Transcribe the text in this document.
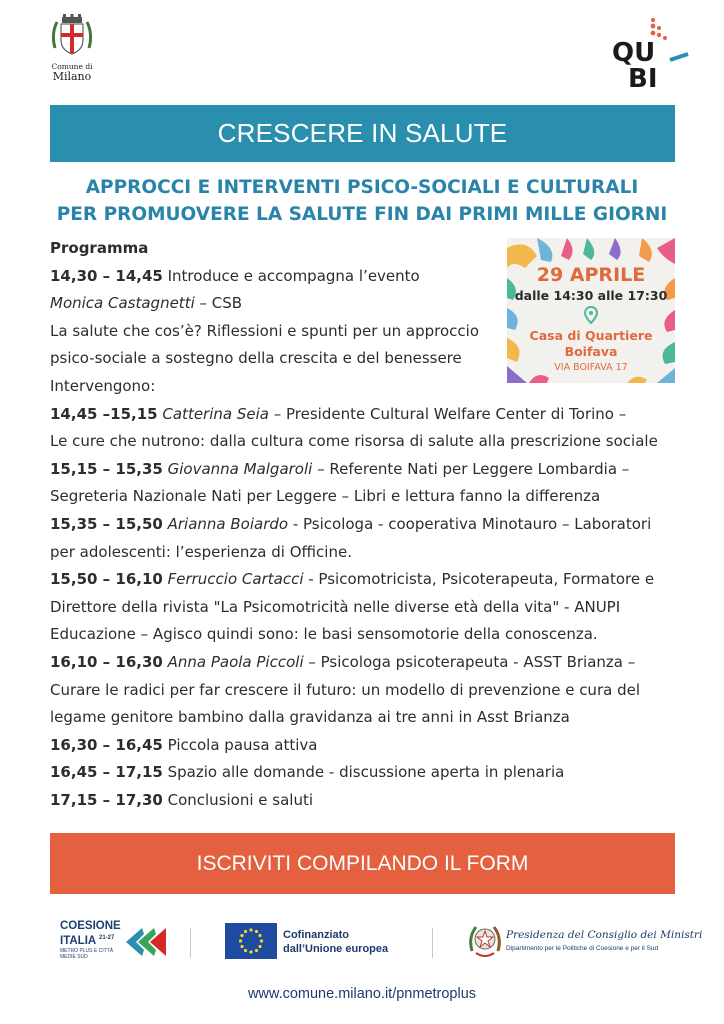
Comune di
Milano
QU
BI
CRESCERE IN SALUTE
APPROCCI E INTERVENTI PSICO-SOCIALI E CULTURALI
PER PROMUOVERE LA SALUTE FIN DAI PRIMI MILLE GIORNI
29 APRILE
dalle 14:30 alle 17:30
Casa di Quartiere
Boifava
VIA BOIFAVA 17
Programma
14,30 – 14,45 Introduce e accompagna l’evento
Monica Castagnetti – CSB
La salute che cos’è? Riflessioni e spunti per un approccio
psico-sociale a sostegno della crescita e del benessere
Intervengono:
14,45 –15,15 Catterina Seia – Presidente Cultural Welfare Center di Torino –
Le cure che nutrono: dalla cultura come risorsa di salute alla prescrizione sociale
15,15 – 15,35 Giovanna Malgaroli – Referente Nati per Leggere Lombardia –
Segreteria Nazionale Nati per Leggere – Libri e lettura fanno la differenza
15,35 – 15,50 Arianna Boiardo - Psicologa - cooperativa Minotauro – Laboratori
per adolescenti: l’esperienza di Officine.
15,50 – 16,10 Ferruccio Cartacci - Psicomotricista, Psicoterapeuta, Formatore e
Direttore della rivista "La Psicomotricità nelle diverse età della vita" - ANUPI
Educazione – Agisco quindi sono: le basi sensomotorie della conoscenza.
16,10 – 16,30 Anna Paola Piccoli – Psicologa psicoterapeuta - ASST Brianza –
Curare le radici per far crescere il futuro: un modello di prevenzione e cura del
legame genitore bambino dalla gravidanza ai tre anni in Asst Brianza
16,30 – 16,45 Piccola pausa attiva
16,45 – 17,15 Spazio alle domande - discussione aperta in plenaria
17,15 – 17,30 Conclusioni e saluti
ISCRIVITI COMPILANDO IL FORM
COESIONE
ITALIA $^{21-27}$
METRO PLUS E CITTÀ MEDIE SUD
Cofinanziato
dall’Unione europea
Presidenza del Consiglio dei Ministri
Dipartimento per le Politiche di Coesione e per il Sud
www.comune.milano.it/pnmetroplus
